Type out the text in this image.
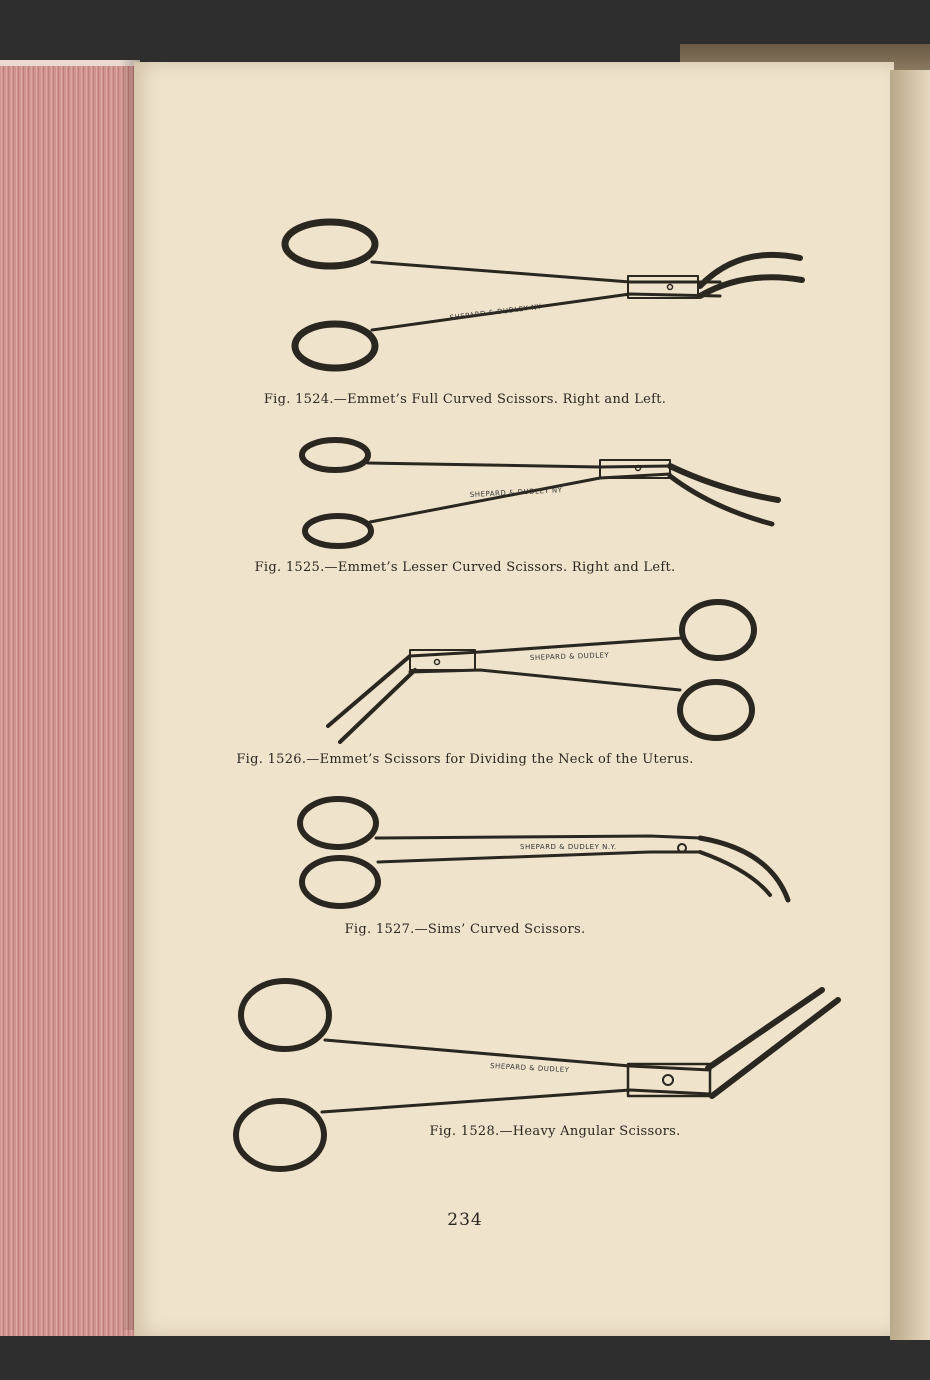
SHEPARD & DUDLEY NY
SHEPARD & DUDLEY NY
SHEPARD & DUDLEY
SHEPARD & DUDLEY N.Y.
SHEPARD & DUDLEY
Fig. 1524.—Emmet’s Full Curved Scissors. Right and Left.
Fig. 1525.—Emmet’s Lesser Curved Scissors. Right and Left.
Fig. 1526.—Emmet’s Scissors for Dividing the Neck of the Uterus.
Fig. 1527.—Sims’ Curved Scissors.
Fig. 1528.—Heavy Angular Scissors.
234
